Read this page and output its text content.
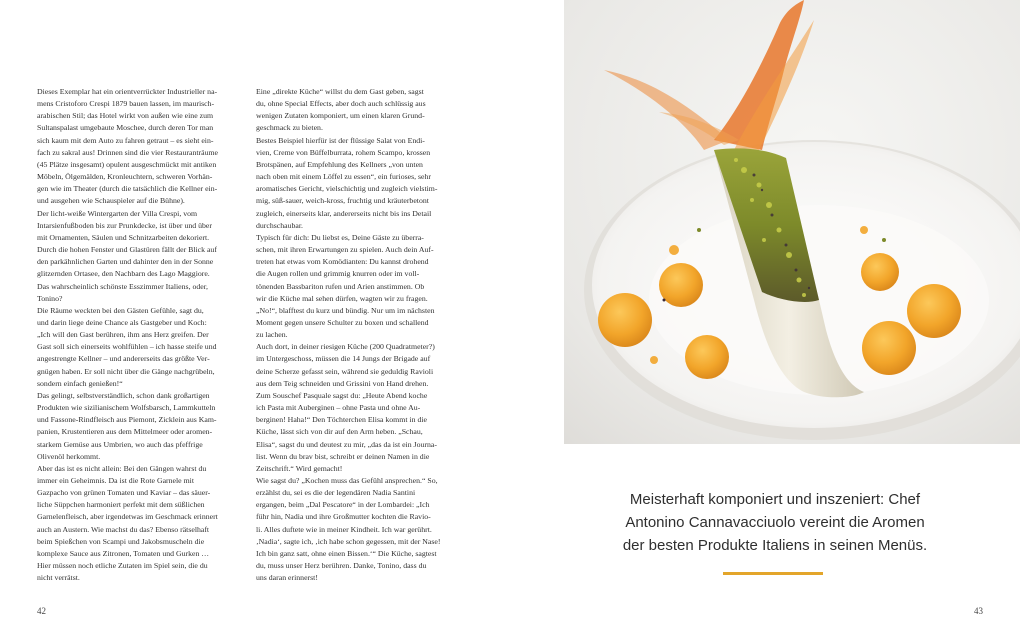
Dieses Exemplar hat ein orientverrückter Industrieller na-
mens Cristoforo Crespi 1879 bauen lassen, im maurisch-
arabischen Stil; das Hotel wirkt von außen wie eine zum
Sultanspalast umgebaute Moschee, durch deren Tor man
sich kaum mit dem Auto zu fahren getraut – es sieht ein-
fach zu sakral aus! Drinnen sind die vier Restauranträume
(45 Plätze insgesamt) opulent ausgeschmückt mit antiken
Möbeln, Ölgemälden, Kronleuchtern, schweren Vorhän-
gen wie im Theater (durch die tatsächlich die Kellner ein-
und ausgehen wie Schauspieler auf die Bühne).
Der licht-weiße Wintergarten der Villa Crespi, vom
Intarsienfußboden bis zur Prunkdecke, ist über und über
mit Ornamenten, Säulen und Schnitzarbeiten dekoriert.
Durch die hohen Fenster und Glastüren fällt der Blick auf
den parkähnlichen Garten und dahinter den in der Sonne
glitzernden Ortasee, den Nachbarn des Lago Maggiore.
Das wahrscheinlich schönste Esszimmer Italiens, oder,
Tonino?
Die Räume weckten bei den Gästen Gefühle, sagt du,
und darin liege deine Chance als Gastgeber und Koch:
„Ich will den Gast berühren, ihm ans Herz greifen. Der
Gast soll sich einerseits wohlfühlen – ich hasse steife und
angestrengte Kellner – und andererseits das größte Ver-
gnügen haben. Er soll nicht über die Gänge nachgrübeln,
sondern einfach genießen!“
Das gelingt, selbstverständlich, schon dank großartigen
Produkten wie sizilianischem Wolfsbarsch, Lammkutteln
und Fassone-Rindfleisch aus Piemont, Zicklein aus Kam-
panien, Krustentieren aus dem Mittelmeer oder aromen-
starkem Gemüse aus Umbrien, wo auch das pfeffrige
Olivenöl herkommt.
Aber das ist es nicht allein: Bei den Gängen wahrst du
immer ein Geheimnis. Da ist die Rote Garnele mit
Gazpacho von grünen Tomaten und Kaviar – das säuer-
liche Süppchen harmoniert perfekt mit dem süßlichen
Garnelenfleisch, aber irgendetwas im Geschmack erinnert
auch an Austern. Wie machst du das? Ebenso rätselhaft
beim Spießchen von Scampi und Jakobsmuscheln die
komplexe Sauce aus Zitronen, Tomaten und Gurken …
Hier müssen noch etliche Zutaten im Spiel sein, die du
nicht verrätst.
Eine „direkte Küche“ willst du dem Gast geben, sagst
du, ohne Special Effects, aber doch auch schlüssig aus
wenigen Zutaten komponiert, um einen klaren Grund-
geschmack zu bieten.
Bestes Beispiel hierfür ist der flüssige Salat von Endi-
vien, Creme von Büffelburrata, rohem Scampo, krossen
Brotspänen, auf Empfehlung des Kellners „von unten
nach oben mit einem Löffel zu essen“, ein furioses, sehr
aromatisches Gericht, vielschichtig und zugleich vielstim-
mig, süß-sauer, weich-kross, fruchtig und kräuterbetont
zugleich, einerseits klar, andererseits nicht bis ins Detail
durchschaubar.
Typisch für dich: Du liebst es, Deine Gäste zu überra-
schen, mit ihren Erwartungen zu spielen. Auch dein Auf-
treten hat etwas vom Komödianten: Du kannst drohend
die Augen rollen und grimmig knurren oder im voll-
tönenden Bassbariton rufen und Arien anstimmen. Ob
wir die Küche mal sehen dürfen, wagten wir zu fragen.
„No!“, blafftest du kurz und bündig. Nur um im nächsten
Moment gegen unsere Schulter zu boxen und schallend
zu lachen.
Auch dort, in deiner riesigen Küche (200 Quadratmeter?)
im Untergeschoss, müssen die 14 Jungs der Brigade auf
deine Scherze gefasst sein, während sie geduldig Ravioli
aus dem Teig schneiden und Grissini von Hand drehen.
Zum Souschef Pasquale sagst du: „Heute Abend koche
ich Pasta mit Auberginen – ohne Pasta und ohne Au-
berginen! Haha!“ Den Töchterchen Elisa kommt in die
Küche, lässt sich von dir auf den Arm heben. „Schau,
Elisa“, sagst du und deutest zu mir, „das da ist ein Journa-
list. Wenn du brav bist, schreibt er deinen Namen in die
Zeitschrift.“ Wird gemacht!
Wie sagst du? „Kochen muss das Gefühl ansprechen.“ So,
erzählst du, sei es die der legendären Nadia Santini
ergangen, beim „Dal Pescatore“ in der Lombardei: „Ich
führ hin, Nadia und ihre Großmutter kochten die Ravio-
li. Alles duftete wie in meiner Kindheit. Ich war gerührt.
‚Nadia‘, sagte ich, ‚ich habe schon gegessen, mit der Nase!
Ich bin ganz satt, ohne einen Bissen.‘“ Die Küche, sagtest
du, muss unser Herz berühren. Danke, Tonino, dass du
uns daran erinnerst!
Meisterhaft komponiert und inszeniert: Chef
Antonino Cannavacciuolo vereint die Aromen
der besten Produkte Italiens in seinen Menüs.
42	43
